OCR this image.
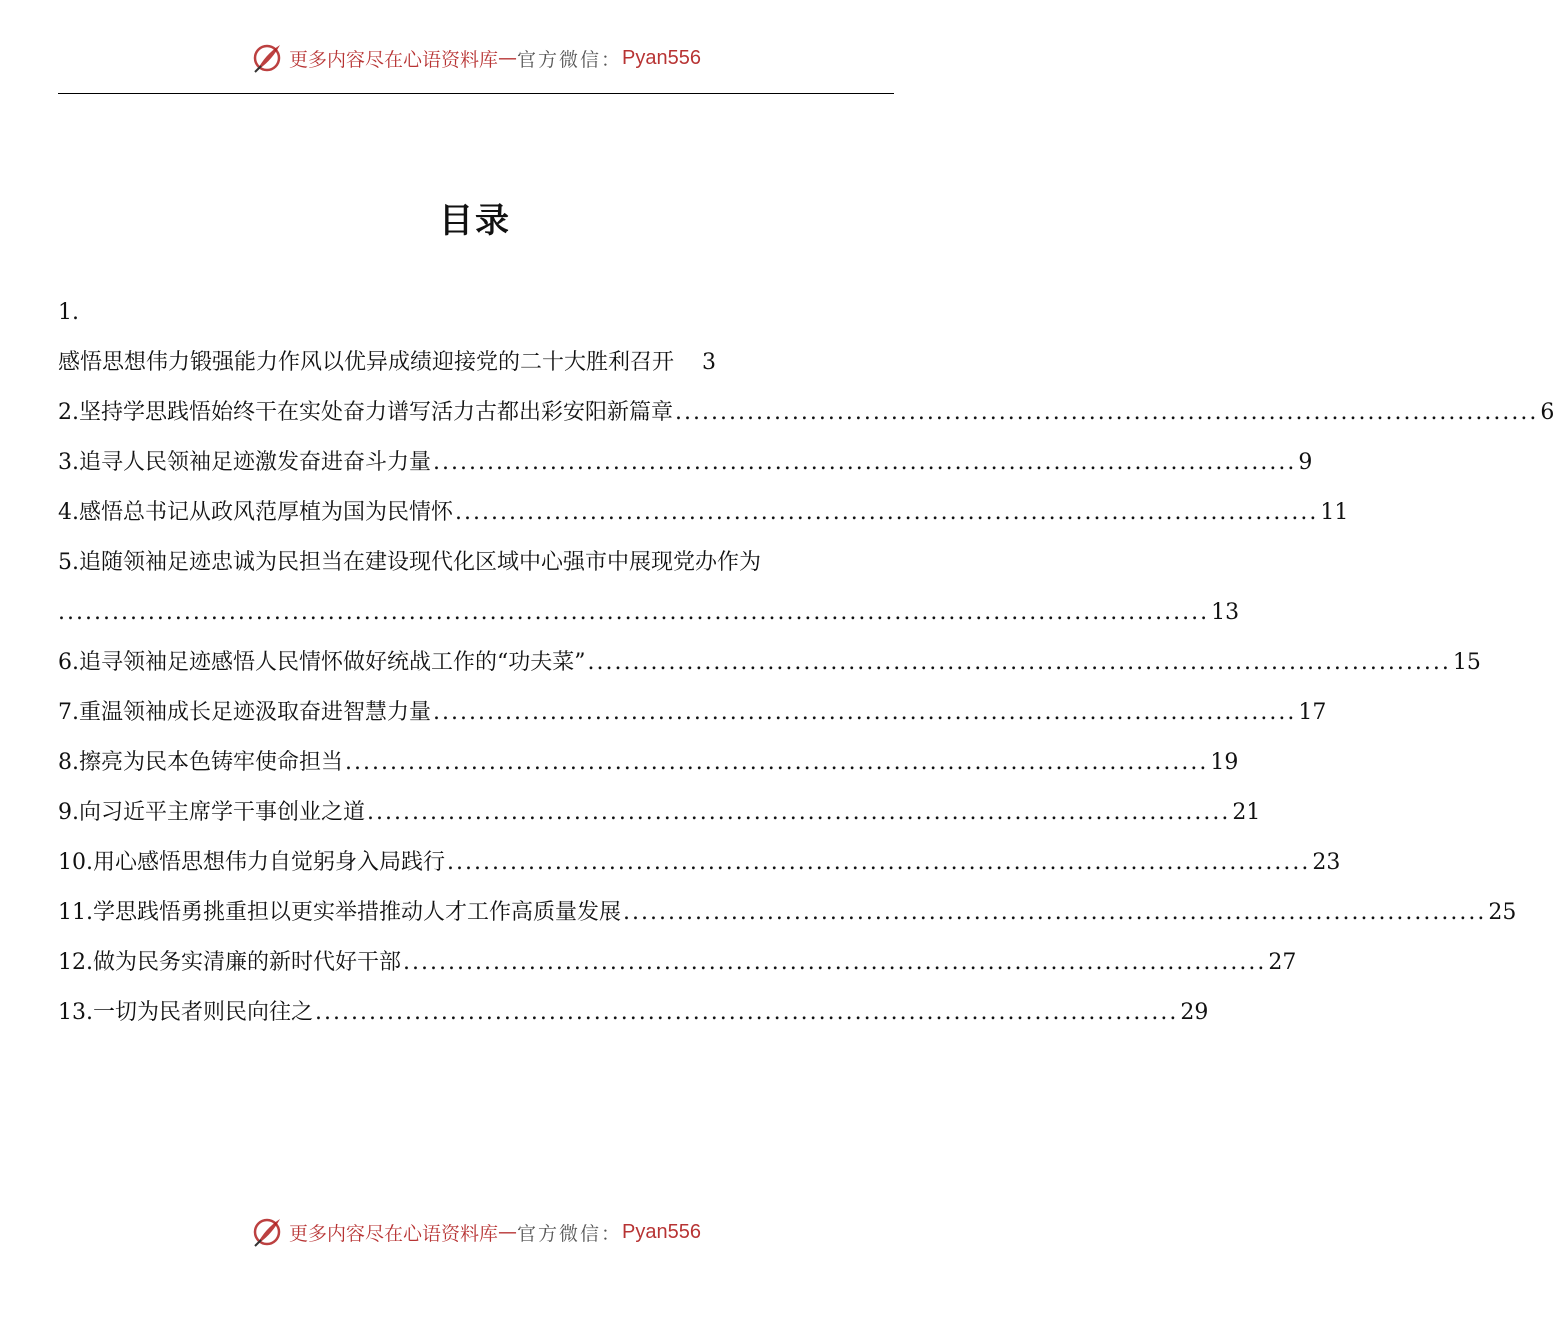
更多内容尽在心语资料库 — 官方微信： Pyan556
目录
1.
感悟思想伟力锻强能力作风以优异成绩迎接党的二十大胜利召开 3
2.坚持学思践悟始终干在实处奋力谱写活力古都出彩安阳新篇章 ................................................................................................ 6
3.追寻人民领袖足迹激发奋进奋斗力量 ................................................................................................ 9
4.感悟总书记从政风范厚植为国为民情怀 ................................................................................................ 11
5.追随领袖足迹忠诚为民担当在建设现代化区域中心强市中展现党办作为
................................................................................................................................ 13
6.追寻领袖足迹感悟人民情怀做好统战工作的“功夫菜” ................................................................................................ 15
7.重温领袖成长足迹汲取奋进智慧力量 ................................................................................................ 17
8.擦亮为民本色铸牢使命担当 ................................................................................................ 19
9.向习近平主席学干事创业之道 ................................................................................................ 21
10.用心感悟思想伟力自觉躬身入局践行 ................................................................................................ 23
11.学思践悟勇挑重担以更实举措推动人才工作高质量发展 ................................................................................................ 25
12.做为民务实清廉的新时代好干部 ................................................................................................ 27
13.一切为民者则民向往之 ................................................................................................ 29
更多内容尽在心语资料库 — 官方微信： Pyan556
